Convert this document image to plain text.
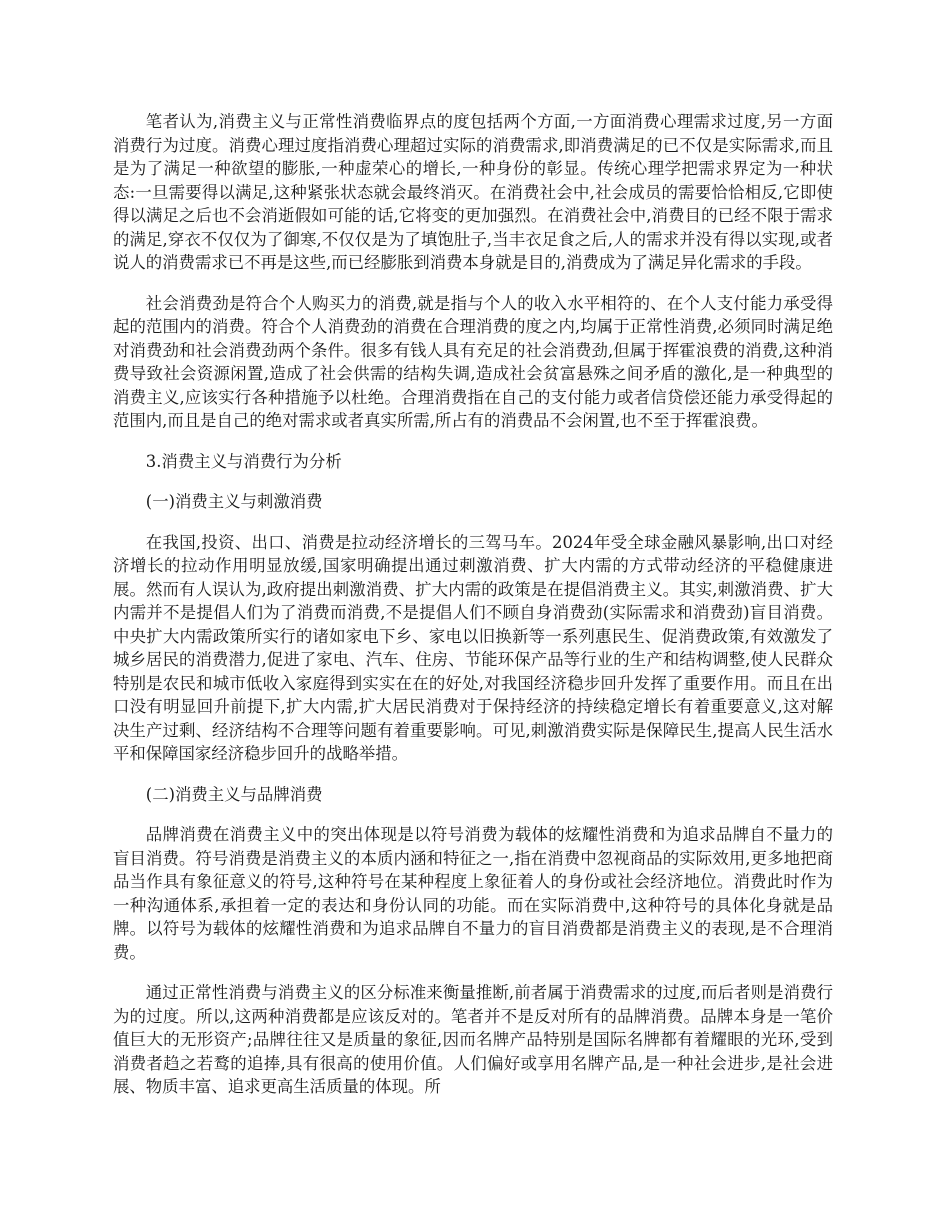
笔者认为,消费主义与正常性消费临界点的度包括两个方面,一方面消费心理需求过度,另一方面消费行为过度。消费心理过度指消费心理超过实际的消费需求,即消费满足的已不仅是实际需求,而且是为了满足一种欲望的膨胀,一种虚荣心的增长,一种身份的彰显。传统心理学把需求界定为一种状态:一旦需要得以满足,这种紧张状态就会最终消灭。在消费社会中,社会成员的需要恰恰相反,它即使得以满足之后也不会消逝假如可能的话,它将变的更加强烈。在消费社会中,消费目的已经不限于需求的满足,穿衣不仅仅为了御寒,不仅仅是为了填饱肚子,当丰衣足食之后,人的需求并没有得以实现,或者说人的消费需求已不再是这些,而已经膨胀到消费本身就是目的,消费成为了满足异化需求的手段。

社会消费劲是符合个人购买力的消费,就是指与个人的收入水平相符的、在个人支付能力承受得起的范围内的消费。符合个人消费劲的消费在合理消费的度之内,均属于正常性消费,必须同时满足绝对消费劲和社会消费劲两个条件。很多有钱人具有充足的社会消费劲,但属于挥霍浪费的消费,这种消费导致社会资源闲置,造成了社会供需的结构失调,造成社会贫富悬殊之间矛盾的激化,是一种典型的消费主义,应该实行各种措施予以杜绝。合理消费指在自己的支付能力或者信贷偿还能力承受得起的范围内,而且是自己的绝对需求或者真实所需,所占有的消费品不会闲置,也不至于挥霍浪费。

3.消费主义与消费行为分析

(一)消费主义与刺激消费

在我国,投资、出口、消费是拉动经济增长的三驾马车。2024年受全球金融风暴影响,出口对经济增长的拉动作用明显放缓,国家明确提出通过刺激消费、扩大内需的方式带动经济的平稳健康进展。然而有人误认为,政府提出刺激消费、扩大内需的政策是在提倡消费主义。其实,刺激消费、扩大内需并不是提倡人们为了消费而消费,不是提倡人们不顾自身消费劲(实际需求和消费劲)盲目消费。中央扩大内需政策所实行的诸如家电下乡、家电以旧换新等一系列惠民生、促消费政策,有效激发了城乡居民的消费潜力,促进了家电、汽车、住房、节能环保产品等行业的生产和结构调整,使人民群众特别是农民和城市低收入家庭得到实实在在的好处,对我国经济稳步回升发挥了重要作用。而且在出口没有明显回升前提下,扩大内需,扩大居民消费对于保持经济的持续稳定增长有着重要意义,这对解决生产过剩、经济结构不合理等问题有着重要影响。可见,刺激消费实际是保障民生,提高人民生活水平和保障国家经济稳步回升的战略举措。

(二)消费主义与品牌消费

品牌消费在消费主义中的突出体现是以符号消费为载体的炫耀性消费和为追求品牌自不量力的盲目消费。符号消费是消费主义的本质内涵和特征之一,指在消费中忽视商品的实际效用,更多地把商品当作具有象征意义的符号,这种符号在某种程度上象征着人的身份或社会经济地位。消费此时作为一种沟通体系,承担着一定的表达和身份认同的功能。而在实际消费中,这种符号的具体化身就是品牌。以符号为载体的炫耀性消费和为追求品牌自不量力的盲目消费都是消费主义的表现,是不合理消费。

通过正常性消费与消费主义的区分标准来衡量推断,前者属于消费需求的过度,而后者则是消费行为的过度。所以,这两种消费都是应该反对的。笔者并不是反对所有的品牌消费。品牌本身是一笔价值巨大的无形资产;品牌往往又是质量的象征,因而名牌产品特别是国际名牌都有着耀眼的光环,受到消费者趋之若鹜的追捧,具有很高的使用价值。人们偏好或享用名牌产品,是一种社会进步,是社会进展、物质丰富、追求更高生活质量的体现。所
